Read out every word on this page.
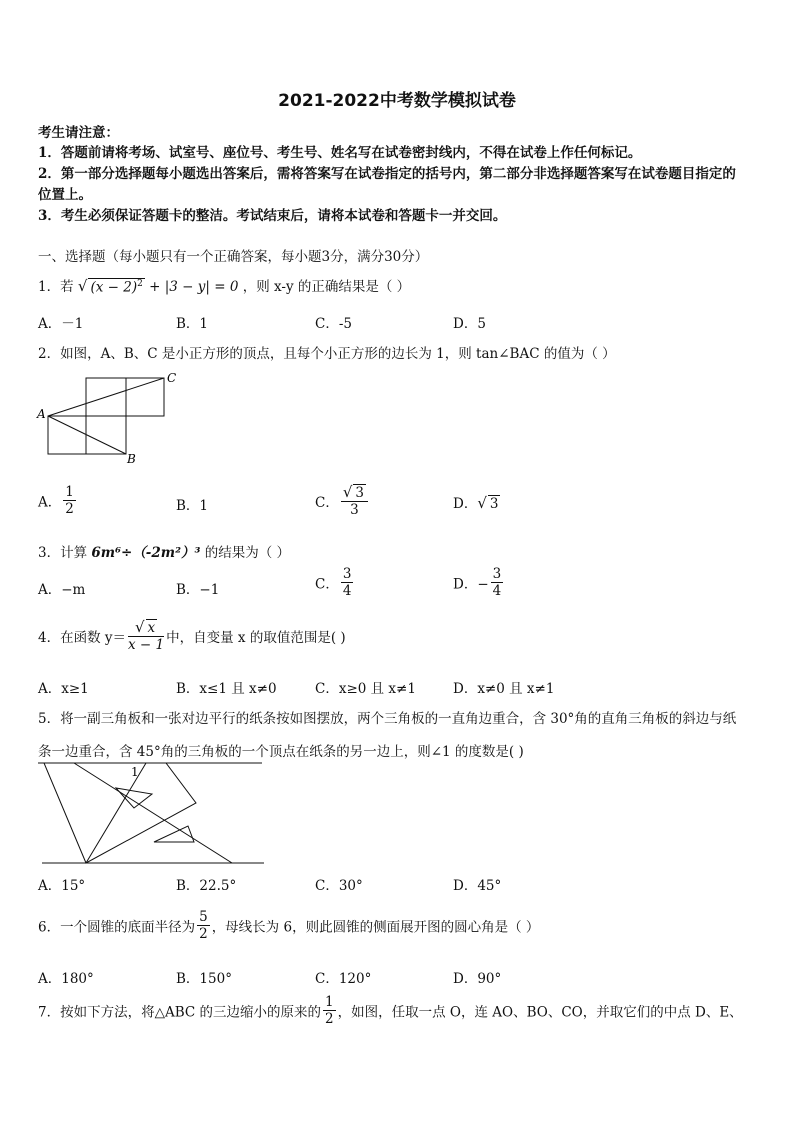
2021-2022中考数学模拟试卷
考生请注意：
1．答题前请将考场、试室号、座位号、考生号、姓名写在试卷密封线内，不得在试卷上作任何标记。
2．第一部分选择题每小题选出答案后，需将答案写在试卷指定的括号内，第二部分非选择题答案写在试卷题目指定的
位置上。
3．考生必须保证答题卡的整洁。考试结束后，请将本试卷和答题卡一并交回。
一、选择题（每小题只有一个正确答案，每小题3分，满分30分）
1．若 √ $(x - 2)^2 + |3 - y| = 0$ ，则 x-y 的正确结果是（ ）
A．－1	B．1	C．-5	D．5
2．如图，A、B、C 是小正方形的顶点，且每个小正方形的边长为 1，则 tan∠BAC 的值为（ ）
A
C
B
A． $\frac{1}{2}$	B．1	C． $\frac{√ 3}{3}$	D．√ 3
3．计算 6m⁶÷（-2m²）³ 的结果为（ ）
A．−m	B．−1	C． $\frac{3}{4}$	D．− $\frac{3}{4}$
4．在函数 $y= \frac{√ x}{x - 1}$ 中，自变量 x 的取值范围是( )
A．x≥1	B．x≤1 且 x≠0	C．x≥0 且 x≠1	D．x≠0 且 x≠1
5．将一副三角板和一张对边平行的纸条按如图摆放，两个三角板的一直角边重合，含 30°角的直角三角板的斜边与纸
条一边重合，含 45°角的三角板的一个顶点在纸条的另一边上，则∠1 的度数是( )
1
A．15°	B．22.5°	C．30°	D．45°
6．一个圆锥的底面半径为 $\frac{5}{2}$ ，母线长为 6，则此圆锥的侧面展开图的圆心角是（ ）
A．180°	B．150°	C．120°	D．90°
7．按如下方法，将△ABC 的三边缩小的原来的 $\frac{1}{2}$ ，如图，任取一点 O，连 AO、BO、CO，并取它们的中点 D、E、
